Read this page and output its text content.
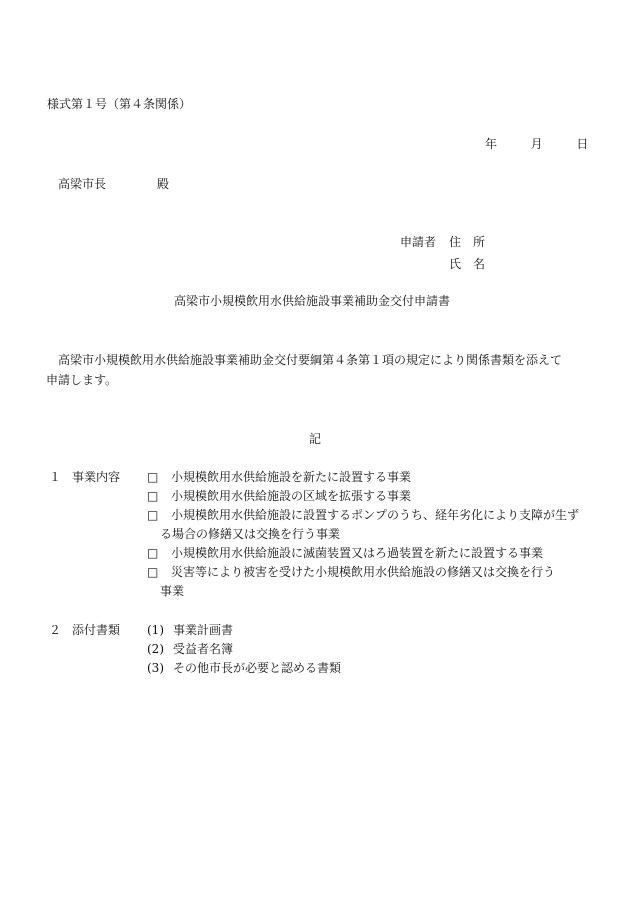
様式第１号（第４条関係）
年	月	日
高梁市長	殿
申請者 住　所
氏　名
高梁市小規模飲用水供給施設事業補助金交付申請書
　高梁市小規模飲用水供給施設事業補助金交付要綱第４条第１項の規定により関係書類を添えて
申請します。
記
１ 事業内容 □ 小規模飲用水供給施設を新たに設置する事業
□ 小規模飲用水供給施設の区域を拡張する事業
□ 小規模飲用水供給施設に設置するポンプのうち、経年劣化により支障が生ず
る場合の修繕又は交換を行う事業
□ 小規模飲用水供給施設に滅菌装置又はろ過装置を新たに設置する事業
□ 災害等により被害を受けた小規模飲用水供給施設の修繕又は交換を行う
事業
２ 添付書類 (1) 事業計画書
(2) 受益者名簿
(3) その他市長が必要と認める書類
